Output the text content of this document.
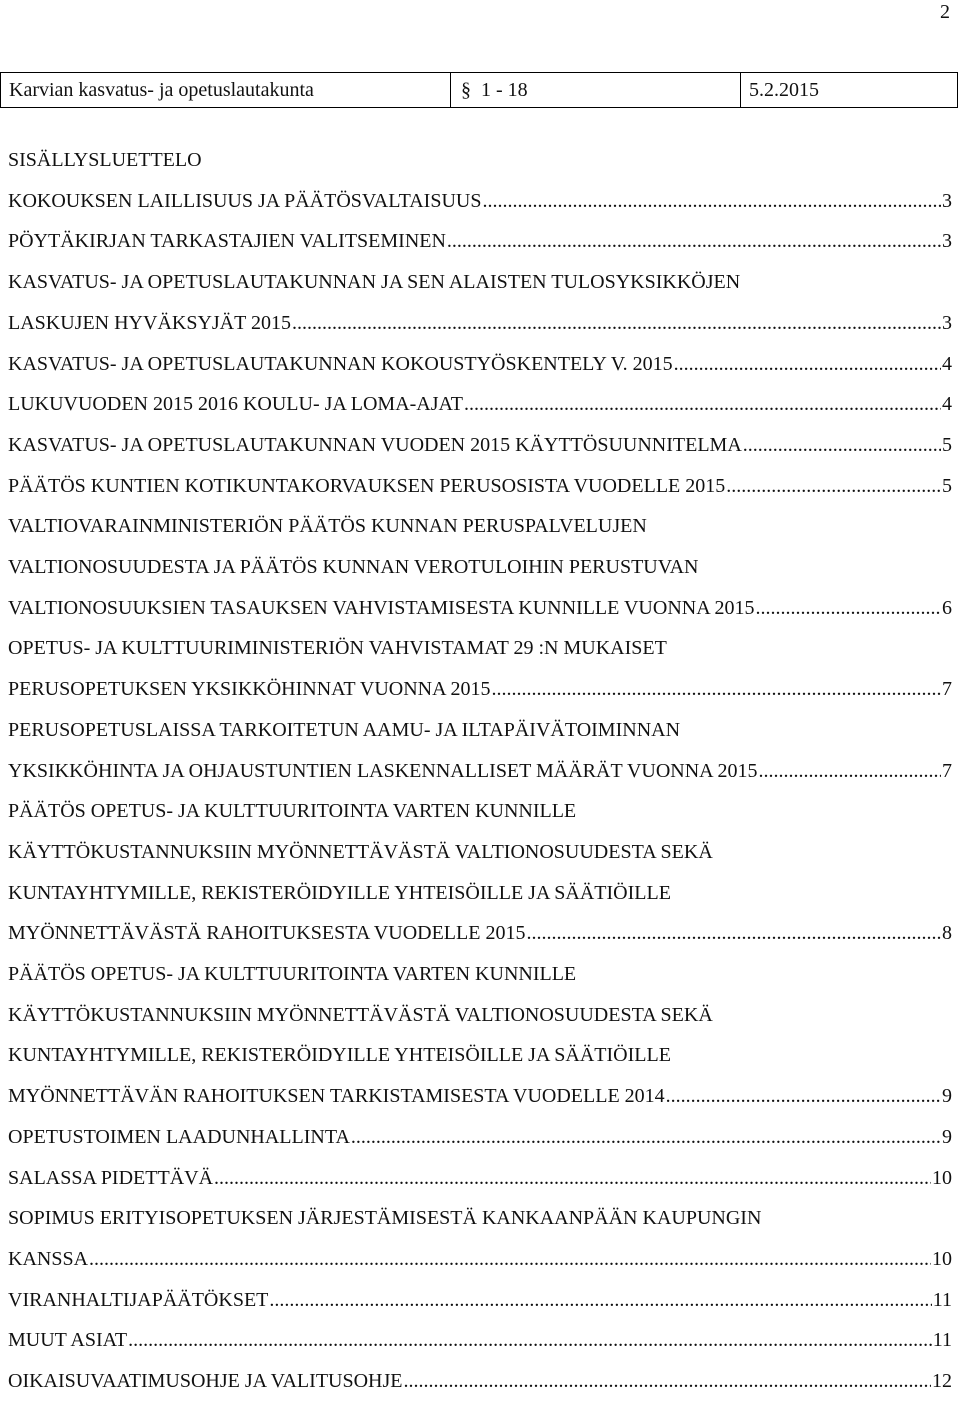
2
Karvian kasvatus- ja opetuslautakunta	§ 1 - 18	5.2.2015
SISÄLLYSLUETTELO
KOKOUKSEN LAILLISUUS JA PÄÄTÖSVALTAISUUS .....	3
PÖYTÄKIRJAN TARKASTAJIEN VALITSEMINEN .....	3
KASVATUS- JA OPETUSLAUTAKUNNAN JA SEN ALAISTEN TULOSYKSIKKÖJEN
LASKUJEN HYVÄKSYJÄT 2015 .....	3
KASVATUS- JA OPETUSLAUTAKUNNAN KOKOUSTYÖSKENTELY V. 2015 .....	4
LUKUVUODEN 2015 2016 KOULU- JA LOMA-AJAT .....	4
KASVATUS- JA OPETUSLAUTAKUNNAN VUODEN 2015 KÄYTTÖSUUNNITELMA .....	5
PÄÄTÖS KUNTIEN KOTIKUNTAKORVAUKSEN PERUSOSISTA VUODELLE 2015 .....	5
VALTIOVARAINMINISTERIÖN PÄÄTÖS KUNNAN PERUSPALVELUJEN
VALTIONOSUUDESTA JA PÄÄTÖS KUNNAN VEROTULOIHIN PERUSTUVAN
VALTIONOSUUKSIEN TASAUKSEN VAHVISTAMISESTA KUNNILLE VUONNA 2015 .....	6
OPETUS- JA KULTTUURIMINISTERIÖN VAHVISTAMAT 29 :N MUKAISET
PERUSOPETUKSEN YKSIKKÖHINNAT VUONNA 2015 .....	7
PERUSOPETUSLAISSA TARKOITETUN AAMU- JA ILTAPÄIVÄTOIMINNAN
YKSIKKÖHINTA JA OHJAUSTUNTIEN LASKENNALLISET MÄÄRÄT VUONNA 2015 .....	7
PÄÄTÖS OPETUS- JA KULTTUURITOINTA VARTEN KUNNILLE
KÄYTTÖKUSTANNUKSIIN MYÖNNETTÄVÄSTÄ VALTIONOSUUDESTA SEKÄ
KUNTAYHTYMILLE, REKISTERÖIDYILLE YHTEISÖILLE JA SÄÄTIÖILLE
MYÖNNETTÄVÄSTÄ RAHOITUKSESTA VUODELLE 2015 .....	8
PÄÄTÖS OPETUS- JA KULTTUURITOINTA VARTEN KUNNILLE
KÄYTTÖKUSTANNUKSIIN MYÖNNETTÄVÄSTÄ VALTIONOSUUDESTA SEKÄ
KUNTAYHTYMILLE, REKISTERÖIDYILLE YHTEISÖILLE JA SÄÄTIÖILLE
MYÖNNETTÄVÄN RAHOITUKSEN TARKISTAMISESTA VUODELLE 2014 .....	9
OPETUSTOIMEN LAADUNHALLINTA .....	9
SALASSA PIDETTÄVÄ .....	10
SOPIMUS ERITYISOPETUKSEN JÄRJESTÄMISESTÄ KANKAANPÄÄN KAUPUNGIN
KANSSA .....	10
VIRANHALTIJAPÄÄTÖKSET .....	11
MUUT ASIAT .....	11
OIKAISUVAATIMUSOHJE JA VALITUSOHJE .....	12
